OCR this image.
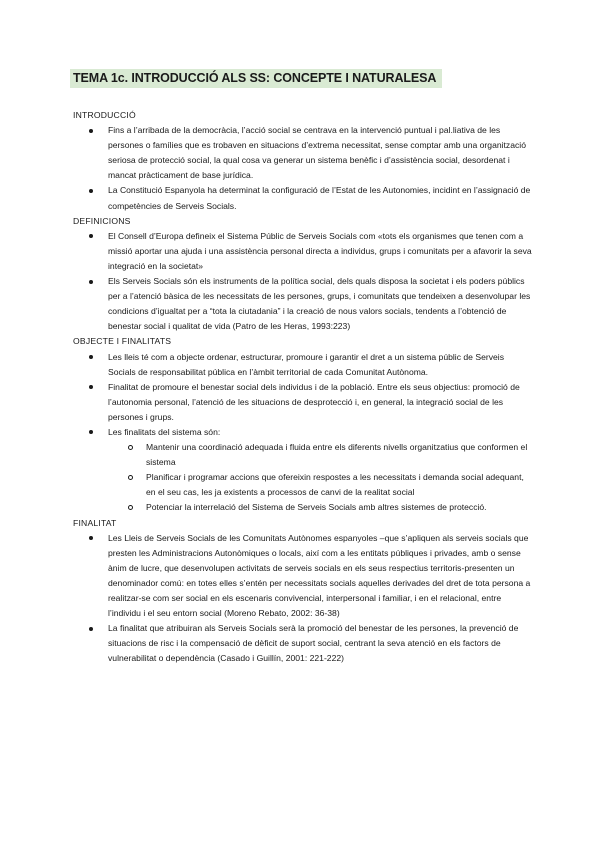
TEMA 1c. INTRODUCCIÓ ALS SS: CONCEPTE I NATURALESA
INTRODUCCIÓ
Fins a l’arribada de la democràcia, l’acció social se centrava en la intervenció puntual i pal.liativa de les persones o famílies que es trobaven en situacions d’extrema necessitat, sense comptar amb una organització seriosa de protecció social, la qual cosa va generar un sistema benèfic i d’assistència social, desordenat i mancat pràcticament de base jurídica.
La Constitució Espanyola ha determinat la configuració de l’Estat de les Autonomies, incidint en l’assignació de competències de Serveis Socials.
DEFINICIONS
El Consell d’Europa defineix el Sistema Públic de Serveis Socials com «tots els organismes que tenen com a missió aportar una ajuda i una assistència personal directa a individus, grups i comunitats per a afavorir la seva integració en la societat»
Els Serveis Socials són els instruments de la política social, dels quals disposa la societat i els poders públics per a l’atenció bàsica de les necessitats de les persones, grups, i comunitats que tendeixen a desenvolupar les condicions d’igualtat per a “tota la ciutadania” i la creació de nous valors socials, tendents a l’obtenció de benestar social i qualitat de vida (Patro de les Heras, 1993:223)
OBJECTE I FINALITATS
Les lleis té com a objecte ordenar, estructurar, promoure i garantir el dret a un sistema públic de Serveis Socials de responsabilitat pública en l’àmbit territorial de cada Comunitat Autònoma.
Finalitat de promoure el benestar social dels individus i de la població. Entre els seus objectius: promoció de l’autonomia personal, l’atenció de les situacions de desprotecció i, en general, la integració social de les persones i grups.
Les finalitats del sistema són:
Mantenir una coordinació adequada i fluida entre els diferents nivells organitzatius que conformen el sistema
Planificar i programar accions que ofereixin respostes a les necessitats i demanda social adequant, en el seu cas, les ja existents a processos de canvi de la realitat social
Potenciar la interrelació del Sistema de Serveis Socials amb altres sistemes de protecció.
FINALITAT
Les Lleis de Serveis Socials de les Comunitats Autònomes espanyoles –que s’apliquen als serveis socials que presten les Administracions Autonòmiques o locals, així com a les entitats públiques i privades, amb o sense ànim de lucre, que desenvolupen activitats de serveis socials en els seus respectius territoris-presenten un denominador comú: en totes elles s’entén per necessitats socials aquelles derivades del dret de tota persona a realitzar-se com ser social en els escenaris convivencial, interpersonal i familiar, i en el relacional, entre l’individu i el seu entorn social (Moreno Rebato, 2002: 36-38)
La finalitat que atribuiran als Serveis Socials serà la promoció del benestar de les persones, la prevenció de situacions de risc i la compensació de dèficit de suport social, centrant la seva atenció en els factors de vulnerabilitat o dependència (Casado i Guillín, 2001: 221-222)
